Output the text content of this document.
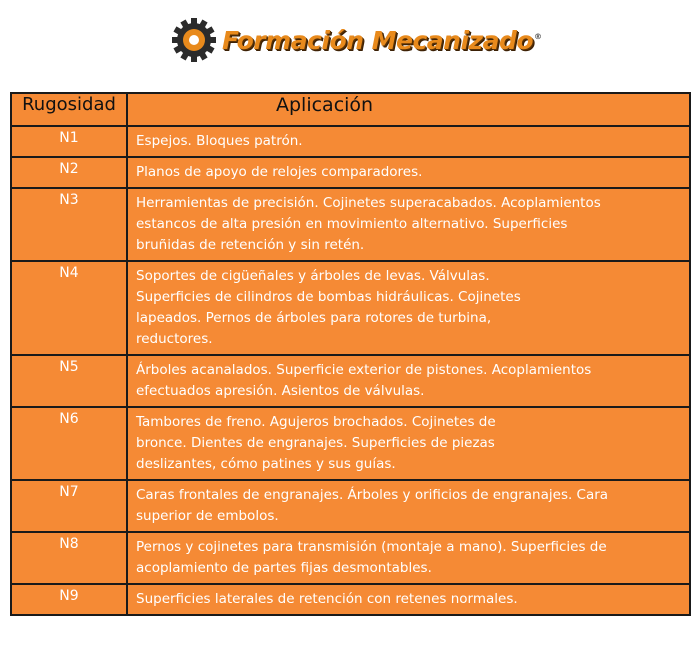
Formación Mecanizado®
Rugosidad	Aplicación
N1	Espejos. Bloques patrón.
N2	Planos de apoyo de relojes comparadores.
N3	Herramientas de precisión. Cojinetes superacabados. Acoplamientos
estancos de alta presión en movimiento alternativo. Superficies
bruñidas de retención y sin retén.
N4	Soportes de cigüeñales y árboles de levas. Válvulas.
Superficies de cilindros de bombas hidráulicas. Cojinetes
lapeados. Pernos de árboles para rotores de turbina,
reductores.
N5	Árboles acanalados. Superficie exterior de pistones. Acoplamientos
efectuados apresión. Asientos de válvulas.
N6	Tambores de freno. Agujeros brochados. Cojinetes de
bronce. Dientes de engranajes. Superficies de piezas
deslizantes, cómo patines y sus guías.
N7	Caras frontales de engranajes. Árboles y orificios de engranajes. Cara
superior de embolos.
N8	Pernos y cojinetes para transmisión (montaje a mano). Superficies de
acoplamiento de partes fijas desmontables.
N9	Superficies laterales de retención con retenes normales.
